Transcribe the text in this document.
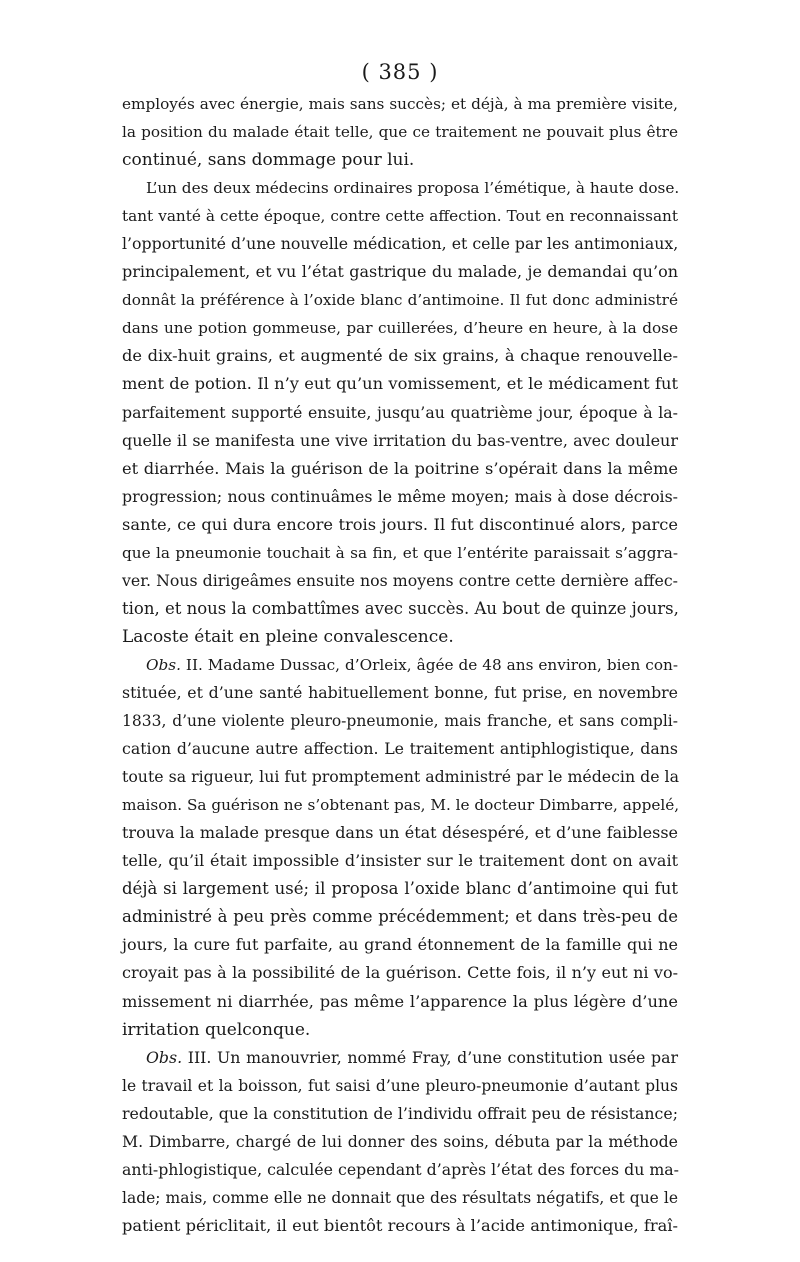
( 385 )
employés avec énergie, mais sans succès; et déjà, à ma première visite,
la position du malade était telle, que ce traitement ne pouvait plus être
continué, sans dommage pour lui.
L’un des deux médecins ordinaires proposa l’émétique, à haute dose.
tant vanté à cette époque, contre cette affection. Tout en reconnaissant
l’opportunité d’une nouvelle médication, et celle par les antimoniaux,
principalement, et vu l’état gastrique du malade, je demandai qu’on
donnât la préférence à l’oxide blanc d’antimoine. Il fut donc administré
dans une potion gommeuse, par cuillerées, d’heure en heure, à la dose
de dix-huit grains, et augmenté de six grains, à chaque renouvelle-
ment de potion. Il n’y eut qu’un vomissement, et le médicament fut
parfaitement supporté ensuite, jusqu’au quatrième jour, époque à la-
quelle il se manifesta une vive irritation du bas-ventre, avec douleur
et diarrhée. Mais la guérison de la poitrine s’opérait dans la même
progression; nous continuâmes le même moyen; mais à dose décrois-
sante, ce qui dura encore trois jours. Il fut discontinué alors, parce
que la pneumonie touchait à sa fin, et que l’entérite paraissait s’aggra-
ver. Nous dirigeâmes ensuite nos moyens contre cette dernière affec-
tion, et nous la combattîmes avec succès. Au bout de quinze jours,
Lacoste était en pleine convalescence.
Obs. II. Madame Dussac, d’Orleix, âgée de 48 ans environ, bien con-
stituée, et d’une santé habituellement bonne, fut prise, en novembre
1833, d’une violente pleuro-pneumonie, mais franche, et sans compli-
cation d’aucune autre affection. Le traitement antiphlogistique, dans
toute sa rigueur, lui fut promptement administré par le médecin de la
maison. Sa guérison ne s’obtenant pas, M. le docteur Dimbarre, appelé,
trouva la malade presque dans un état désespéré, et d’une faiblesse
telle, qu’il était impossible d’insister sur le traitement dont on avait
déjà si largement usé; il proposa l’oxide blanc d’antimoine qui fut
administré à peu près comme précédemment; et dans très-peu de
jours, la cure fut parfaite, au grand étonnement de la famille qui ne
croyait pas à la possibilité de la guérison. Cette fois, il n’y eut ni vo-
missement ni diarrhée, pas même l’apparence la plus légère d’une
irritation quelconque.
Obs. III. Un manouvrier, nommé Fray, d’une constitution usée par
le travail et la boisson, fut saisi d’une pleuro-pneumonie d’autant plus
redoutable, que la constitution de l’individu offrait peu de résistance;
M. Dimbarre, chargé de lui donner des soins, débuta par la méthode
anti-phlogistique, calculée cependant d’après l’état des forces du ma-
lade; mais, comme elle ne donnait que des résultats négatifs, et que le
patient périclitait, il eut bientôt recours à l’acide antimonique, fraî-
